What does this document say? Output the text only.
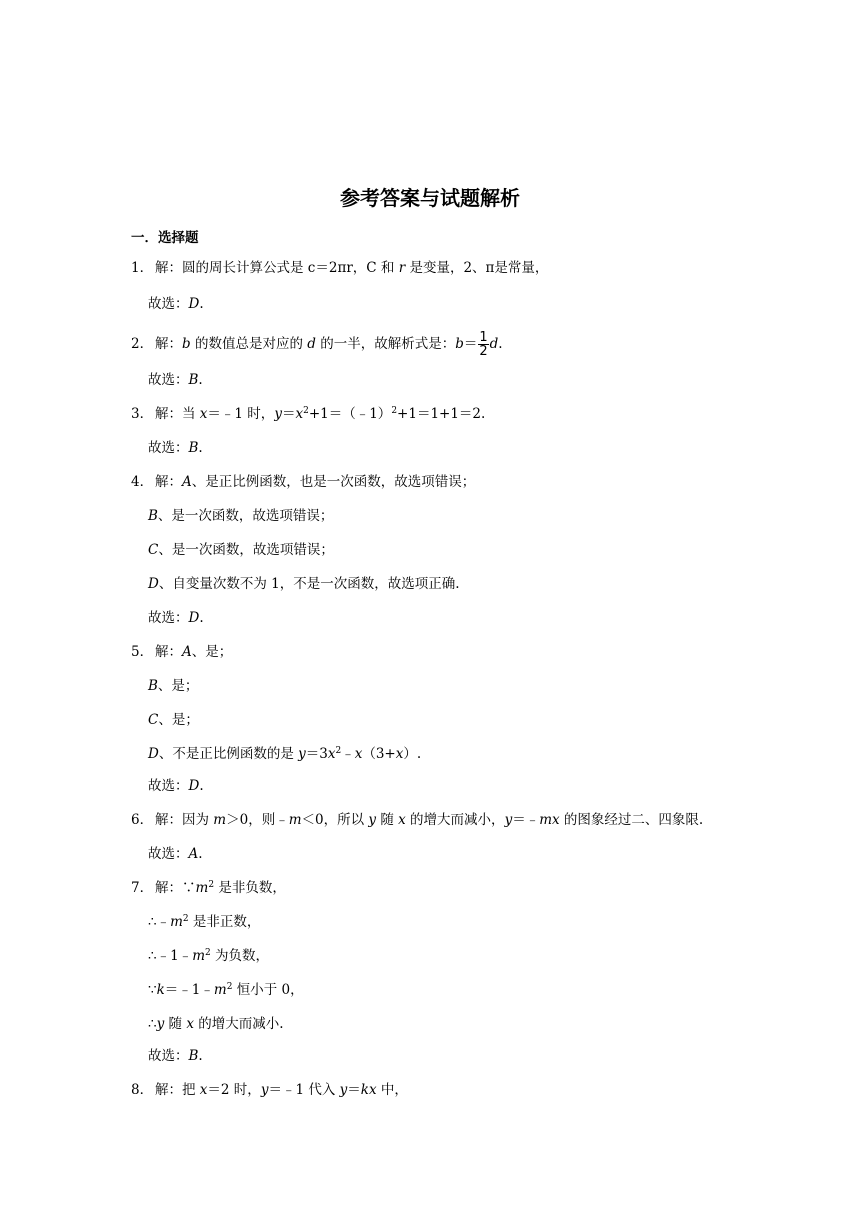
参考答案与试题解析
一．选择题
1． 解：圆的周长计算公式是 c＝2πr，C 和 r 是变量，2、π是常量，
故选：D.
2． 解：b 的数值总是对应的 d 的一半，故解析式是：$b= \frac{1}{2} d$.
故选：B.
3． 解：当 x＝﹣1 时，$y=x^2+1=(﹣1)^2+1=1+1=2$.
故选：B.
4． 解：A、是正比例函数，也是一次函数，故选项错误；
B、是一次函数，故选项错误；
C、是一次函数，故选项错误；
D、自变量次数不为 1，不是一次函数，故选项正确.
故选：D.
5． 解：A、是；
B、是；
C、是；
D、不是正比例函数的是 $y=3x^2﹣x(3+x)$.
故选：D.
6． 解：因为 m＞0，则﹣m＜0，所以 y 随 x 的增大而减小，y＝﹣mx 的图象经过二、四象限.
故选：A.
7． 解：$\because m^2$ 是非负数，
$\therefore﹣m^2$ 是非正数，
$\therefore﹣1﹣m^2$ 为负数，
$\because k=﹣1﹣m^2$ 恒小于 0，
∴y 随 x 的增大而减小.
故选：B.
8． 解：把 x＝2 时，y＝﹣1 代入 y＝kx 中，
